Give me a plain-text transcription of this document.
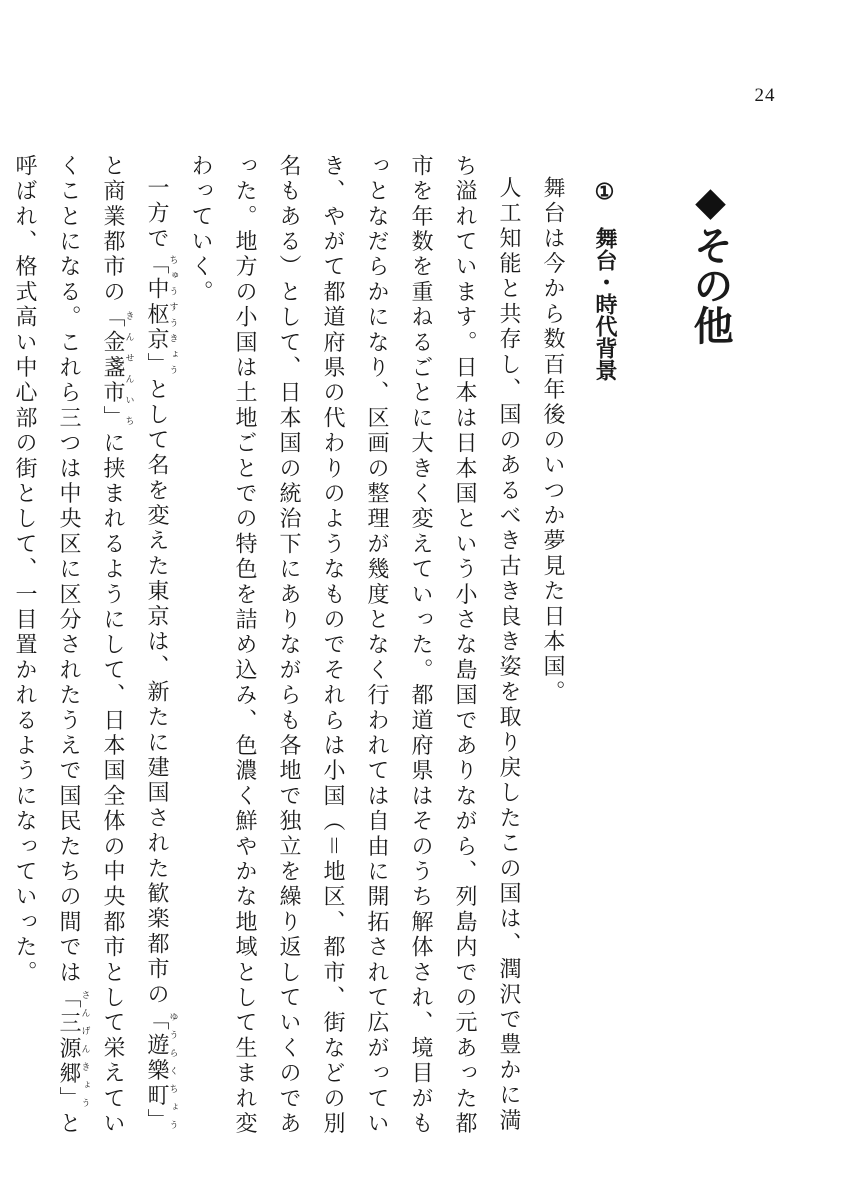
24
◆その他
①　舞台・時代背景

舞台は今から数百年後のいつか夢見た日本国。

人工知能と共存し、国のあるべき古き良き姿を取り戻したこの国は、潤沢で豊かに満ち溢れています。日本は日本国という小さな島国でありながら、列島内での元あった都市を年数を重ねるごとに大きく変えていった。都道府県はそのうち解体され、境目がもっとなだらかになり、区画の整理が幾度となく行われては自由に開拓されて広がっていき、やがて都道府県の代わりのようなものでそれらは小国（＝地区、都市、街などの別名もある）として、日本国の統治下にありながらも各地で独立を繰り返していくのであった。地方の小国は土地ごとでの特色を詰め込み、色濃く鮮やかな地域として生まれ変わっていく。

一方で「中枢京」ちゅうすうきょうとして名を変えた東京は、新たに建国された歓楽都市の「遊樂町」ゆうらくちょうと商業都市の「金盞市」きんせんいちに挟まれるようにして、日本国全体の中央都市として栄えていくことになる。これら三つは中央区に区分されたうえで国民たちの間では「三源郷」さんげんきょうと呼ばれ、格式高い中心部の街として、一目置かれるようになっていった。
